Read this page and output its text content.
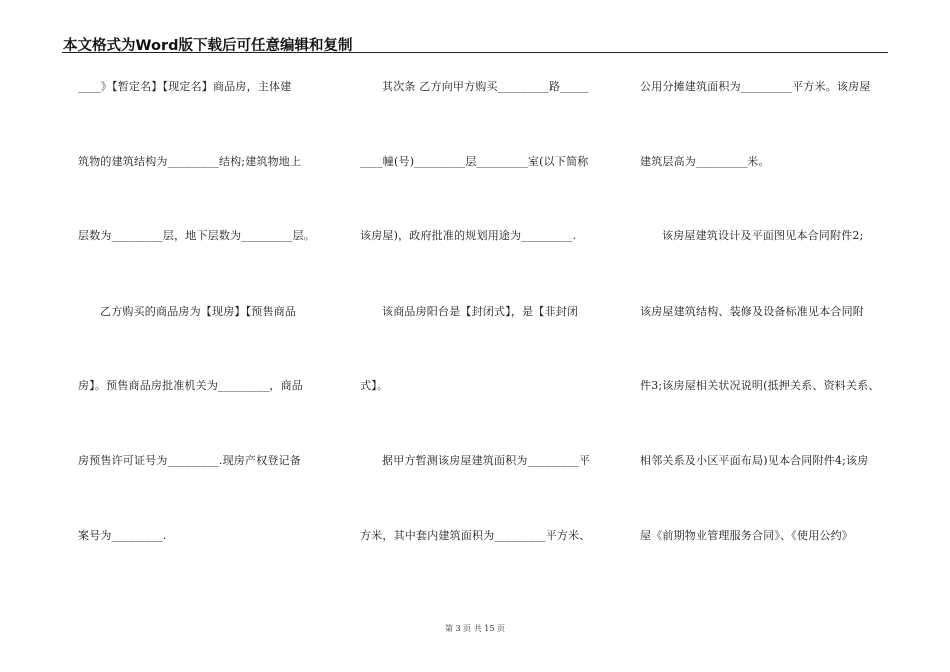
本文格式为Word版下载后可任意编辑和复制

____》【暂定名】【现定名】商品房，主体建

筑物的建筑结构为_________结构;建筑物地上

层数为_________层，地下层数为_________层。

乙方购买的商品房为【现房】【预售商品

房】。预售商品房批准机关为_________，商品

房预售许可证号为_________.现房产权登记备

案号为_________.

其次条 乙方向甲方购买_________路_____

____幢(号)_________层_________室(以下简称

该房屋)，政府批准的规划用途为_________.

该商品房阳台是【封闭式】，是【非封闭

式】。

据甲方暂测该房屋建筑面积为_________平

方米，其中套内建筑面积为_________平方米、

公用分摊建筑面积为_________平方米。该房屋

建筑层高为_________米。

该房屋建筑设计及平面图见本合同附件2;

该房屋建筑结构、装修及设备标准见本合同附

件3;该房屋相关状况说明(抵押关系、资料关系、

相邻关系及小区平面布局)见本合同附件4;该房

屋《前期物业管理服务合同》、《使用公约》

第 3 页 共 15 页
